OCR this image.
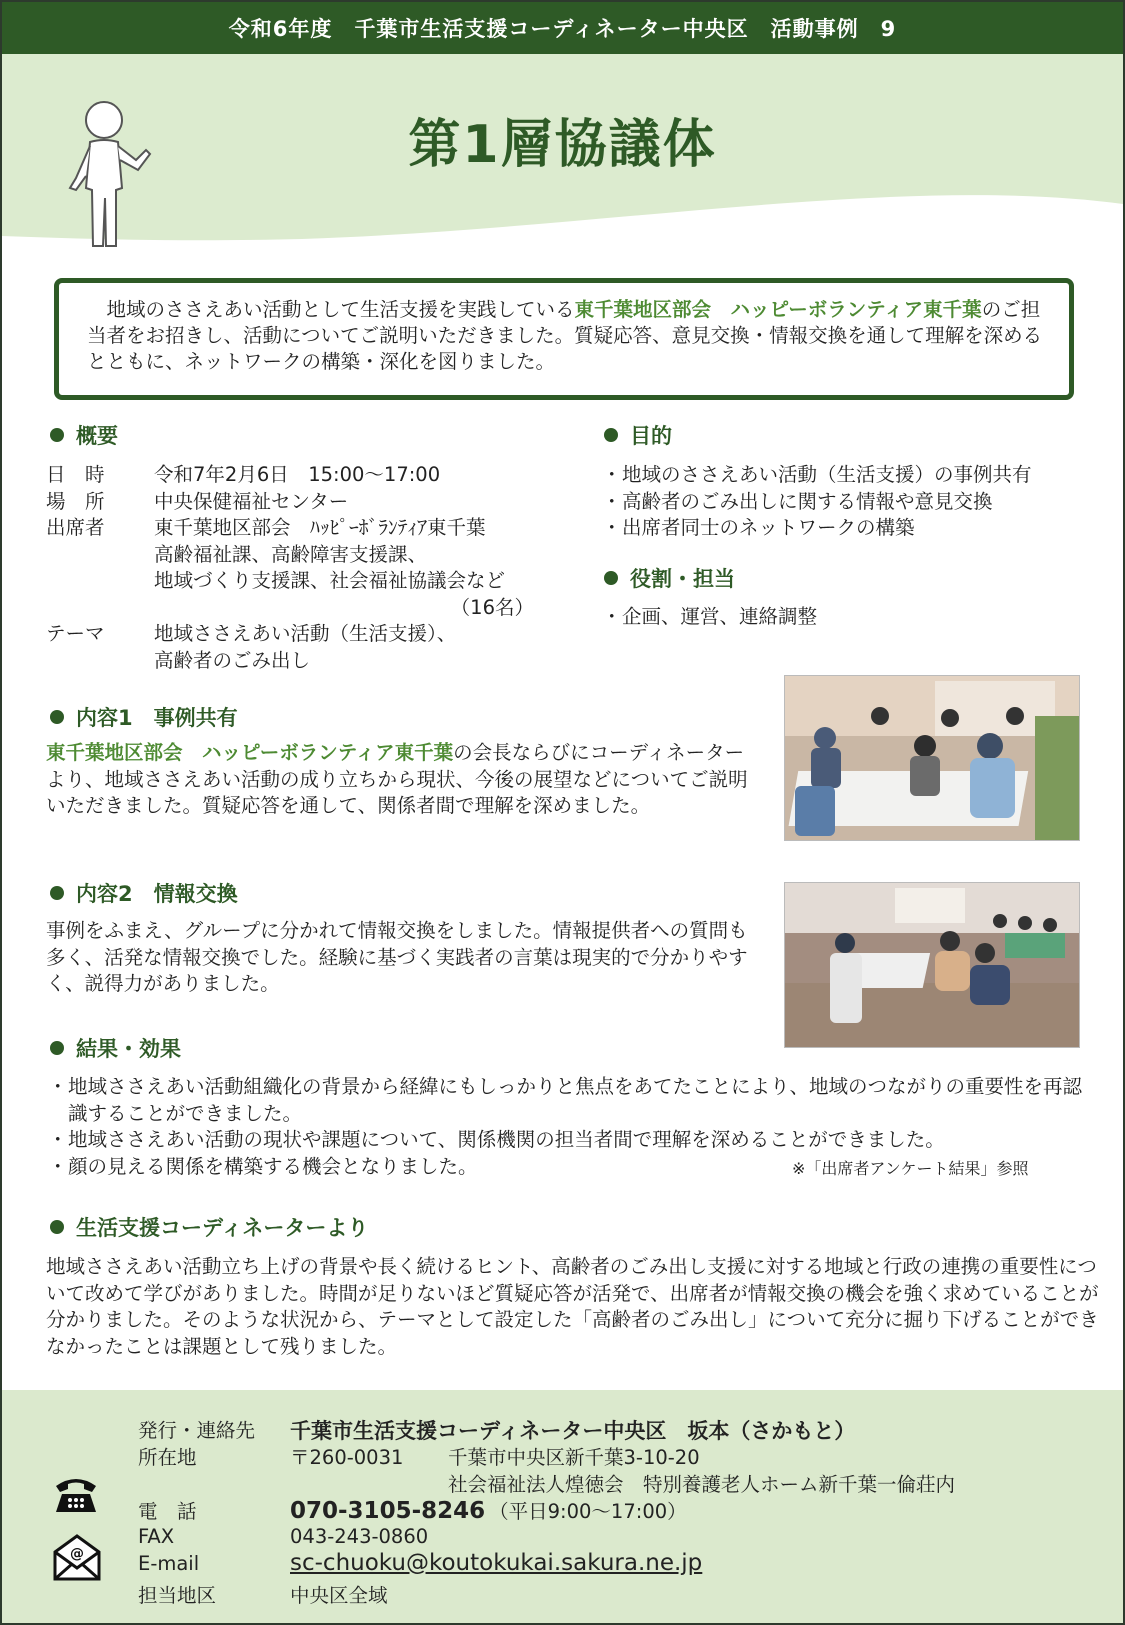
令和6年度　千葉市生活支援コーディネーター中央区　活動事例　9
第1層協議体
　地域のささえあい活動として生活支援を実践している東千葉地区部会　ハッピーボランティア東千葉のご担当者をお招きし、活動についてご説明いただきました。質疑応答、意見交換・情報交換を通して理解を深めるとともに、ネットワークの構築・深化を図りました。
概要
日　時	令和7年2月6日　15:00～17:00
場　所	中央保健福祉センター
出席者	東千葉地区部会　ﾊｯﾋﾟｰﾎﾞﾗﾝﾃｨｱ東千葉
高齢福祉課、高齢障害支援課、
地域づくり支援課、社会福祉協議会など
（16名）
テーマ	地域ささえあい活動（生活支援）、
高齢者のごみ出し
目的
・ 地域のささえあい活動（生活支援）の事例共有
・ 高齢者のごみ出しに関する情報や意見交換
・ 出席者同士のネットワークの構築
役割・担当
・ 企画、運営、連絡調整
内容1　事例共有
東千葉地区部会　ハッピーボランティア東千葉の会長ならびにコーディネーターより、地域ささえあい活動の成り立ちから現状、今後の展望などについてご説明いただきました。質疑応答を通して、関係者間で理解を深めました。
内容2　情報交換
事例をふまえ、グループに分かれて情報交換をしました。情報提供者への質問も多く、活発な情報交換でした。経験に基づく実践者の言葉は現実的で分かりやすく、説得力がありました。
結果・効果
・ 地域ささえあい活動組織化の背景から経緯にもしっかりと焦点をあてたことにより、地域のつながりの重要性を再認識することができました。
・ 地域ささえあい活動の現状や課題について、関係機関の担当者間で理解を深めることができました。
・ 顔の見える関係を構築する機会となりました。	※「出席者アンケート結果」参照
生活支援コーディネーターより
地域ささえあい活動立ち上げの背景や長く続けるヒント、高齢者のごみ出し支援に対する地域と行政の連携の重要性について改めて学びがありました。時間が足りないほど質疑応答が活発で、出席者が情報交換の機会を強く求めていることが分かりました。そのような状況から、テーマとして設定した「高齢者のごみ出し」について充分に掘り下げることができなかったことは課題として残りました。
発行・連絡先	千葉市生活支援コーディネーター中央区　坂本（さかもと）
所在地	〒260-0031	千葉市中央区新千葉3-10-20
社会福祉法人煌徳会　特別養護老人ホーム新千葉一倫荘内
電　話	070-3105-8246 （平日9:00～17:00）
FAX	043-243-0860
E-mail	sc-chuoku@koutokukai.sakura.ne.jp
担当地区	中央区全域
@
